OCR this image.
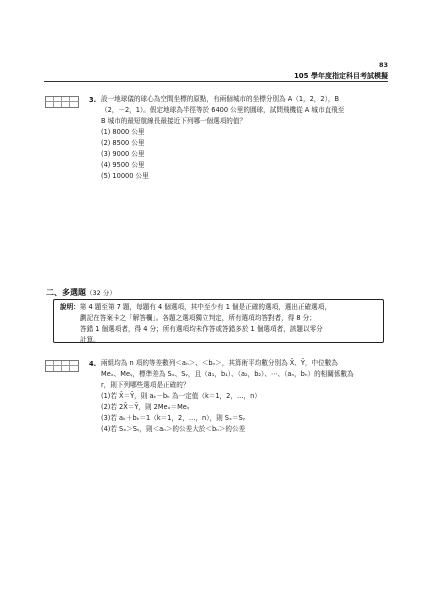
83
105 學年度指定科目考試模擬
3. 設一地球儀的球心為空間坐標的原點，有兩個城市的坐標分別為 A（1，2，2），B
（2，－2，1）。假定地球為半徑等於 6400 公里的圓球，試問飛機從 A 城市直飛至
B 城市的最短航線長最接近下列哪一個選項的值？
(1) 8000 公里
(2) 8500 公里
(3) 9000 公里
(4) 9500 公里
(5) 10000 公里
二、多選題（32 分）
說明：第 4 題至第 7 題，每題有 4 個選項，其中至少有 1 個是正確的選項，選出正確選項，
劃記在答案卡之「解答欄」。各題之選項獨立判定，所有選項均答對者，得 8 分；
答錯 1 個選項者，得 4 分；所有選項均未作答或答錯多於 1 個選項者，該題以零分
計算。
4. 兩組均為 n 項的等差數列＜aₙ＞、＜bₙ＞，其算術平均數分別為 X̄、Ȳ，中位數為
Meₓ、Meᵧ，標準差為 Sₓ、Sᵧ，且（a₁，b₁）、（a₂，b₂）、⋯、（aₙ，bₙ）的相關係數為
r，則下列哪些選項是正確的？
(1)若 X̄＝Ȳ，則 aₖ－bₖ 為一定值（k＝1，2，…，n）
(2)若 2X̄＝Ȳ，則 2Meₓ＝Meᵧ
(3)若 aₖ＋bₖ＝1（k＝1，2，…，n），則 Sₓ＝Sᵧ
(4)若 Sₓ＞Sᵧ，則＜aₙ＞的公差大於＜bₙ＞的公差
